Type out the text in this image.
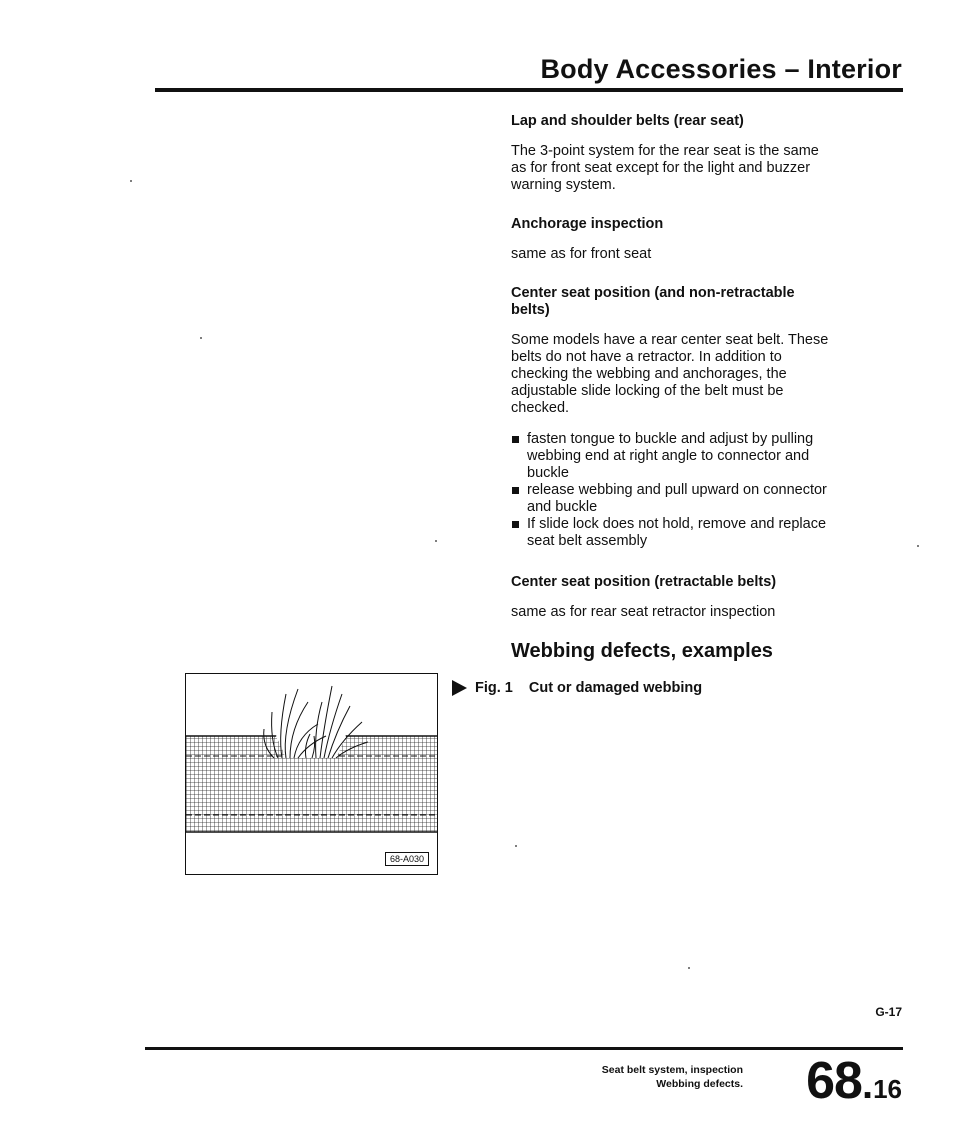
Body Accessories – Interior
Lap and shoulder belts (rear seat)

The 3-point system for the rear seat is the same as for front seat except for the light and buzzer warning system.

Anchorage inspection

same as for front seat

Center seat position (and non-retractable belts)

Some models have a rear center seat belt. These belts do not have a retractor. In addition to checking the webbing and anchorages, the adjustable slide locking of the belt must be checked.

fasten tongue to buckle and adjust by pulling webbing end at right angle to connector and buckle
release webbing and pull upward on connector and buckle
If slide lock does not hold, remove and replace seat belt assembly
Center seat position (retractable belts)

same as for rear seat retractor inspection

Webbing defects, examples
Fig. 1 Cut or damaged webbing
68-A030
G-17
Seat belt system, inspection
Webbing defects. 68 . 16
